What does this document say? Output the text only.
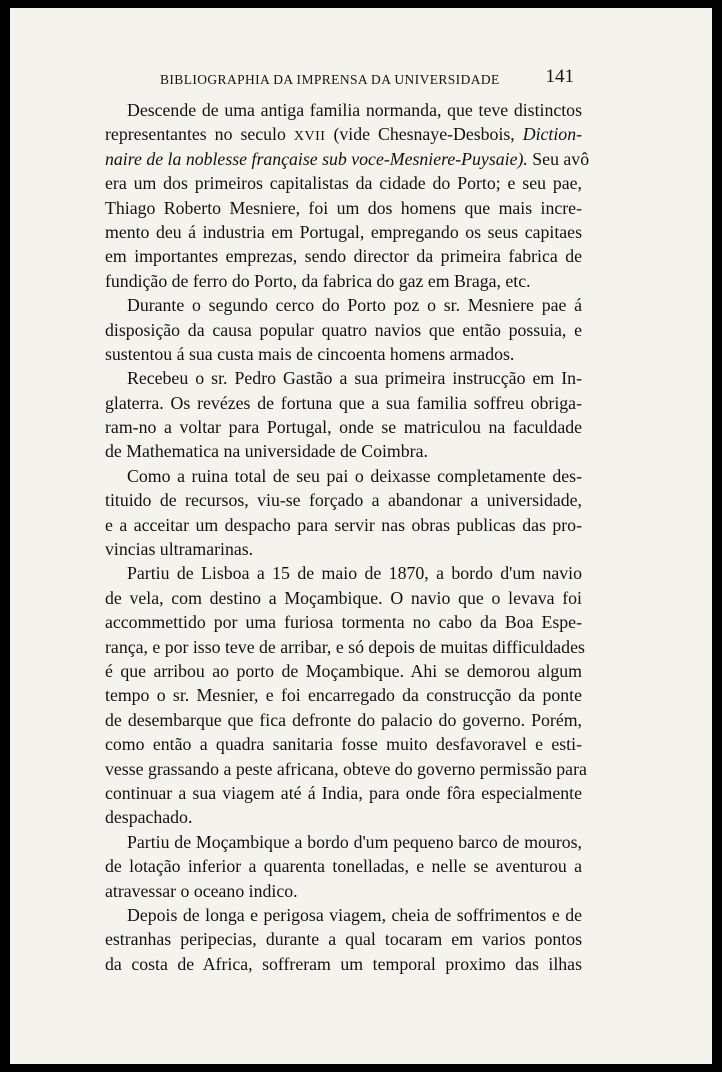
BIBLIOGRAPHIA DA IMPRENSA DA UNIVERSIDADE 141

Descende de uma antiga familia normanda, que teve distinctos
representantes no seculo XVII (vide Chesnaye-Desbois, Diction-
naire de la noblesse française sub voce-Mesniere-Puysaie). Seu avô
era um dos primeiros capitalistas da cidade do Porto; e seu pae,
Thiago Roberto Mesniere, foi um dos homens que mais incre-
mento deu á industria em Portugal, empregando os seus capitaes
em importantes emprezas, sendo director da primeira fabrica de
fundição de ferro do Porto, da fabrica do gaz em Braga, etc.

Durante o segundo cerco do Porto poz o sr. Mesniere pae á
disposição da causa popular quatro navios que então possuia, e
sustentou á sua custa mais de cincoenta homens armados.

Recebeu o sr. Pedro Gastão a sua primeira instrucção em In-
glaterra. Os revézes de fortuna que a sua familia soffreu obriga-
ram-no a voltar para Portugal, onde se matriculou na faculdade
de Mathematica na universidade de Coimbra.

Como a ruina total de seu pai o deixasse completamente des-
tituido de recursos, viu-se forçado a abandonar a universidade,
e a acceitar um despacho para servir nas obras publicas das pro-
vincias ultramarinas.

Partiu de Lisboa a 15 de maio de 1870, a bordo d'um navio
de vela, com destino a Moçambique. O navio que o levava foi
accommettido por uma furiosa tormenta no cabo da Boa Espe-
rança, e por isso teve de arribar, e só depois de muitas difficuldades
é que arribou ao porto de Moçambique. Ahi se demorou algum
tempo o sr. Mesnier, e foi encarregado da construcção da ponte
de desembarque que fica defronte do palacio do governo. Porém,
como então a quadra sanitaria fosse muito desfavoravel e esti-
vesse grassando a peste africana, obteve do governo permissão para
continuar a sua viagem até á India, para onde fôra especialmente
despachado.

Partiu de Moçambique a bordo d'um pequeno barco de mouros,
de lotação inferior a quarenta tonelladas, e nelle se aventurou a
atravessar o oceano indico.

Depois de longa e perigosa viagem, cheia de soffrimentos e de
estranhas peripecias, durante a qual tocaram em varios pontos
da costa de Africa, soffreram um temporal proximo das ilhas
